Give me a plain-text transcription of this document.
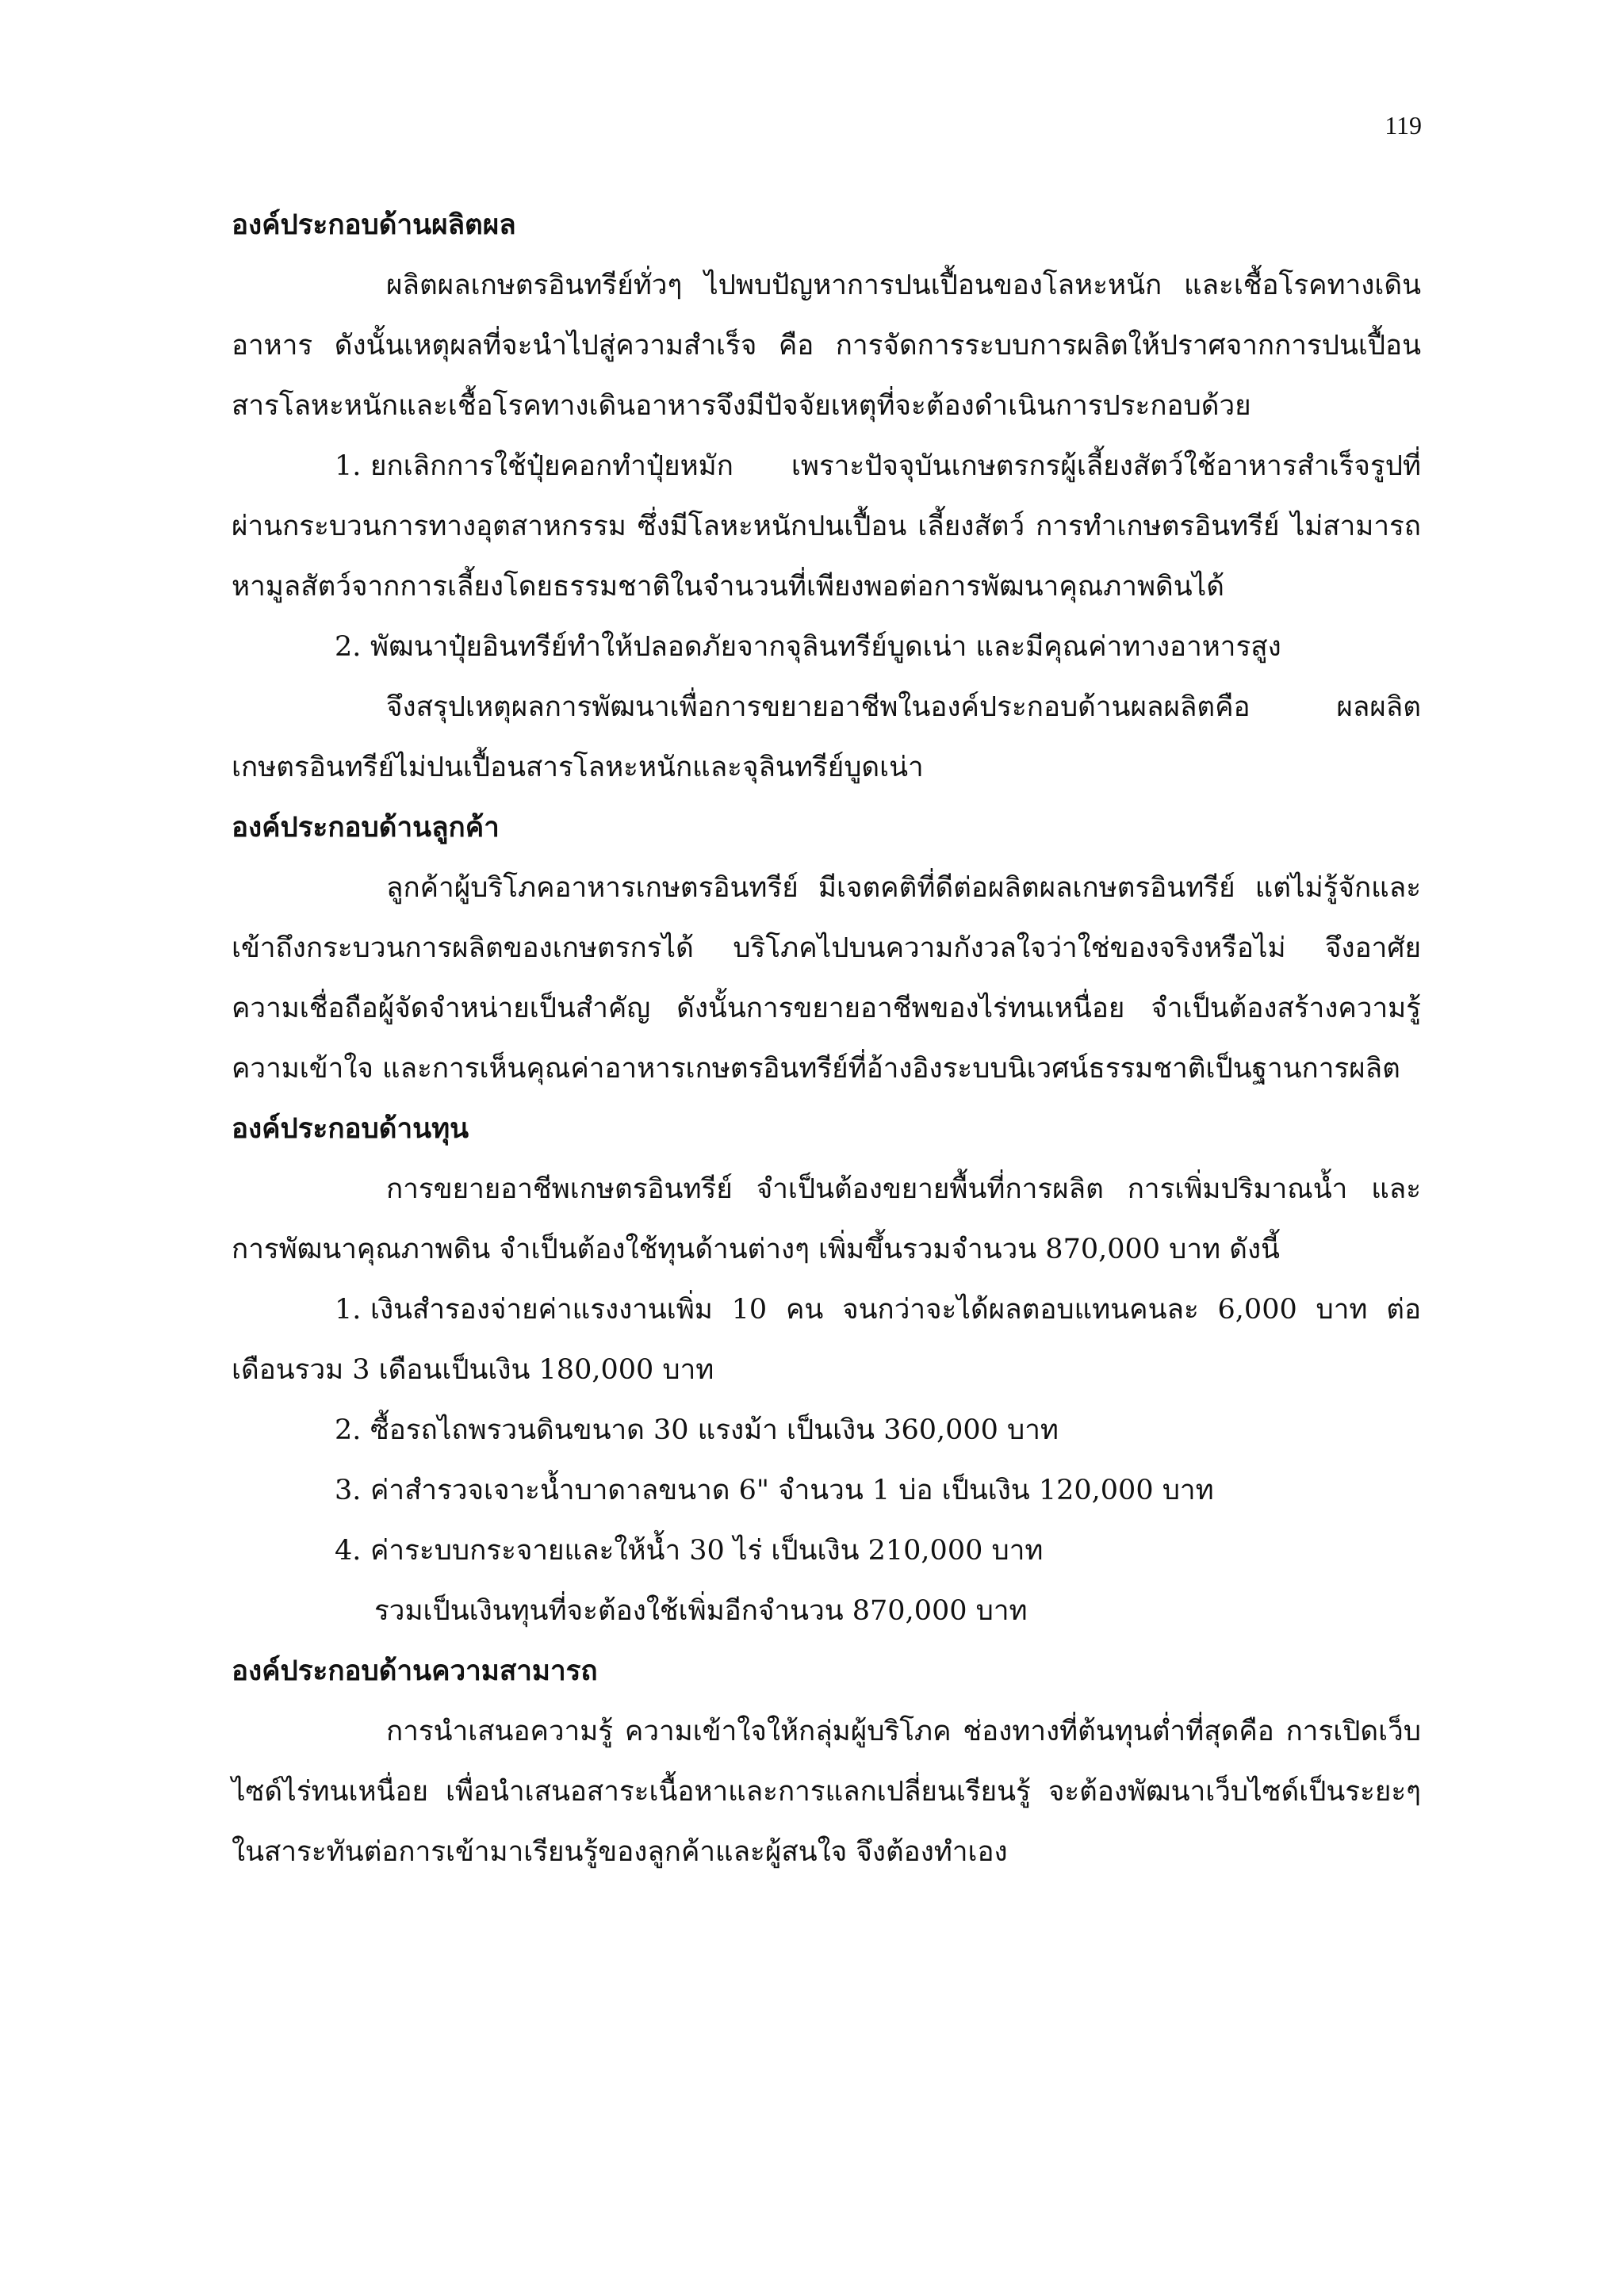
119

องค์ประกอบด้านผลิตผล

ผลิตผลเกษตรอินทรีย์ทั่วๆ ไปพบปัญหาการปนเปื้อนของโลหะหนัก และเชื้อโรคทางเดินอาหาร ดังนั้นเหตุผลที่จะนำไปสู่ความสำเร็จ คือ การจัดการระบบการผลิตให้ปราศจากการปนเปื้อนสารโลหะหนักและเชื้อโรคทางเดินอาหารจึงมีปัจจัยเหตุที่จะต้องดำเนินการประกอบด้วย

1. ยกเลิกการใช้ปุ๋ยคอกทำปุ๋ยหมัก เพราะปัจจุบันเกษตรกรผู้เลี้ยงสัตว์ใช้อาหารสำเร็จรูปที่ผ่านกระบวนการทางอุตสาหกรรม ซึ่งมีโลหะหนักปนเปื้อน เลี้ยงสัตว์ การทำเกษตรอินทรีย์ ไม่สามารถหามูลสัตว์จากการเลี้ยงโดยธรรมชาติในจำนวนที่เพียงพอต่อการพัฒนาคุณภาพดินได้

2. พัฒนาปุ๋ยอินทรีย์ทำให้ปลอดภัยจากจุลินทรีย์บูดเน่า และมีคุณค่าทางอาหารสูง

จึงสรุปเหตุผลการพัฒนาเพื่อการขยายอาชีพในองค์ประกอบด้านผลผลิตคือ ผลผลิตเกษตรอินทรีย์ไม่ปนเปื้อนสารโลหะหนักและจุลินทรีย์บูดเน่า

องค์ประกอบด้านลูกค้า

ลูกค้าผู้บริโภคอาหารเกษตรอินทรีย์ มีเจตคติที่ดีต่อผลิตผลเกษตรอินทรีย์ แต่ไม่รู้จักและเข้าถึงกระบวนการผลิตของเกษตรกรได้ บริโภคไปบนความกังวลใจว่าใช่ของจริงหรือไม่ จึงอาศัยความเชื่อถือผู้จัดจำหน่ายเป็นสำคัญ ดังนั้นการขยายอาชีพของไร่ทนเหนื่อย จำเป็นต้องสร้างความรู้ความเข้าใจ และการเห็นคุณค่าอาหารเกษตรอินทรีย์ที่อ้างอิงระบบนิเวศน์ธรรมชาติเป็นฐานการผลิต

องค์ประกอบด้านทุน

การขยายอาชีพเกษตรอินทรีย์ จำเป็นต้องขยายพื้นที่การผลิต การเพิ่มปริมาณน้ำ และการพัฒนาคุณภาพดิน จำเป็นต้องใช้ทุนด้านต่างๆ เพิ่มขึ้นรวมจำนวน 870,000 บาท ดังนี้

1. เงินสำรองจ่ายค่าแรงงานเพิ่ม 10 คน จนกว่าจะได้ผลตอบแทนคนละ 6,000 บาท ต่อเดือนรวม 3 เดือนเป็นเงิน 180,000 บาท

2. ซื้อรถไถพรวนดินขนาด 30 แรงม้า เป็นเงิน 360,000 บาท

3. ค่าสำรวจเจาะน้ำบาดาลขนาด 6" จำนวน 1 บ่อ เป็นเงิน 120,000 บาท

4. ค่าระบบกระจายและให้น้ำ 30 ไร่ เป็นเงิน 210,000 บาท

รวมเป็นเงินทุนที่จะต้องใช้เพิ่มอีกจำนวน 870,000 บาท

องค์ประกอบด้านความสามารถ

การนำเสนอความรู้ ความเข้าใจให้กลุ่มผู้บริโภค ช่องทางที่ต้นทุนต่ำที่สุดคือ การเปิดเว็บไซด์ไร่ทนเหนื่อย เพื่อนำเสนอสาระเนื้อหาและการแลกเปลี่ยนเรียนรู้ จะต้องพัฒนาเว็บไซด์เป็นระยะๆ ในสาระทันต่อการเข้ามาเรียนรู้ของลูกค้าและผู้สนใจ จึงต้องทำเอง
